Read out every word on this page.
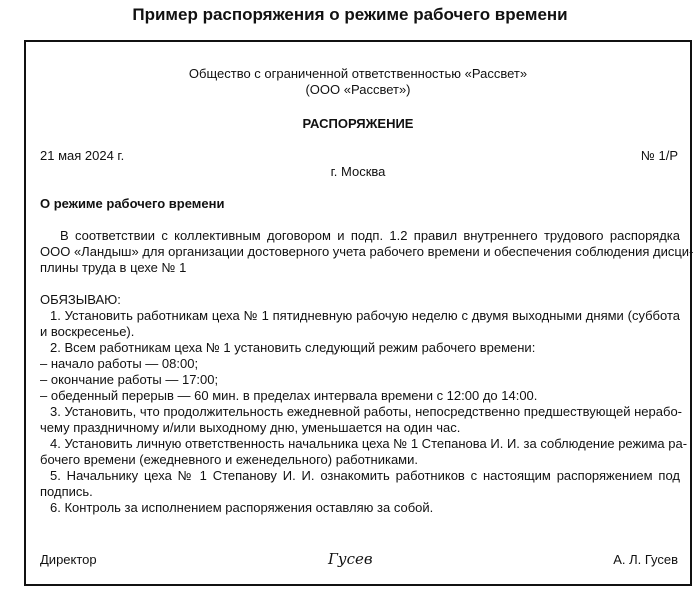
Пример распоряжения о режиме рабочего времени
Общество с ограниченной ответственностью «Рассвет»
(ООО «Рассвет»)
РАСПОРЯЖЕНИЕ
21 мая 2024 г.	№ 1/Р
г. Москва
О режиме рабочего времени
В соответствии с коллективным договором и подп. 1.2 правил внутреннего трудового распорядка
ООО «Ландыш» для организации достоверного учета рабочего времени и обеспечения соблюдения дисци-
плины труда в цехе № 1
ОБЯЗЫВАЮ:
1. Установить работникам цеха № 1 пятидневную рабочую неделю с двумя выходными днями (суббота
и воскресенье).
2. Всем работникам цеха № 1 установить следующий режим рабочего времени:
– начало работы — 08:00;
– окончание работы — 17:00;
– обеденный перерыв — 60 мин. в пределах интервала времени с 12:00 до 14:00.
3. Установить, что продолжительность ежедневной работы, непосредственно предшествующей нерабо-
чему праздничному и/или выходному дню, уменьшается на один час.
4. Установить личную ответственность начальника цеха № 1 Степанова И. И. за соблюдение режима ра-
бочего времени (ежедневного и еженедельного) работниками.
5. Начальнику цеха № 1 Степанову И. И. ознакомить работников с настоящим распоряжением под
подпись.
6. Контроль за исполнением распоряжения оставляю за собой.
Директор	Гусев	А. Л. Гусев
